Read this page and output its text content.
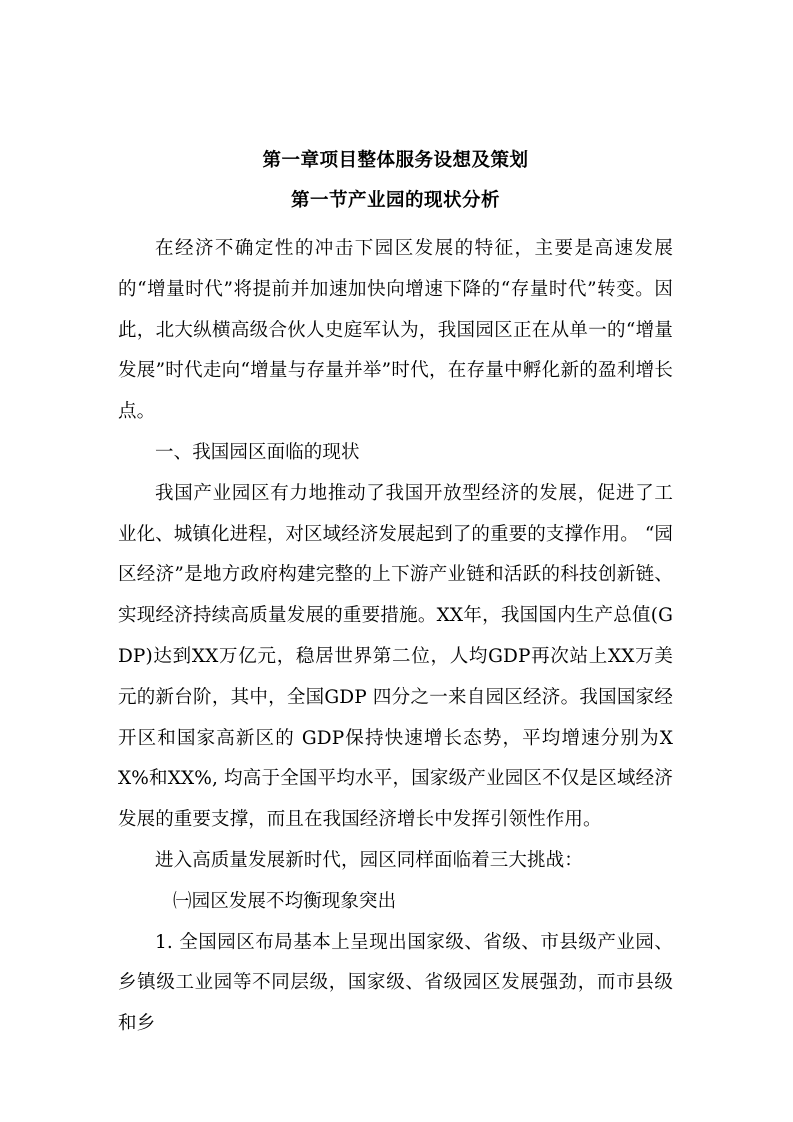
第一章项目整体服务设想及策划
第一节产业园的现状分析

在经济不确定性的冲击下园区发展的特征，主要是高速发展的“增量时代”将提前并加速加快向增速下降的“存量时代”转变。因此，北大纵横高级合伙人史庭军认为，我国园区正在从单一的“增量发展”时代走向“增量与存量并举”时代，在存量中孵化新的盈利增长点。

一、我国园区面临的现状

我国产业园区有力地推动了我国开放型经济的发展，促进了工业化、城镇化进程，对区域经济发展起到了的重要的支撑作用。 “园区经济”是地方政府构建完整的上下游产业链和活跃的科技创新链、实现经济持续高质量发展的重要措施。XX年，我国国内生产总值(GDP)达到XX万亿元，稳居世界第二位，人均GDP再次站上XX万美元的新台阶，其中，全国GDP 四分之一来自园区经济。我国国家经开区和国家高新区的 GDP保持快速增长态势，平均增速分别为XX%和XX%, 均高于全国平均水平，国家级产业园区不仅是区域经济发展的重要支撑，而且在我国经济增长中发挥引领性作用。

进入高质量发展新时代，园区同样面临着三大挑战：

㈠园区发展不均衡现象突出

1. 全国园区布局基本上呈现出国家级、省级、市县级产业园、乡镇级工业园等不同层级，国家级、省级园区发展强劲，而市县级和乡
